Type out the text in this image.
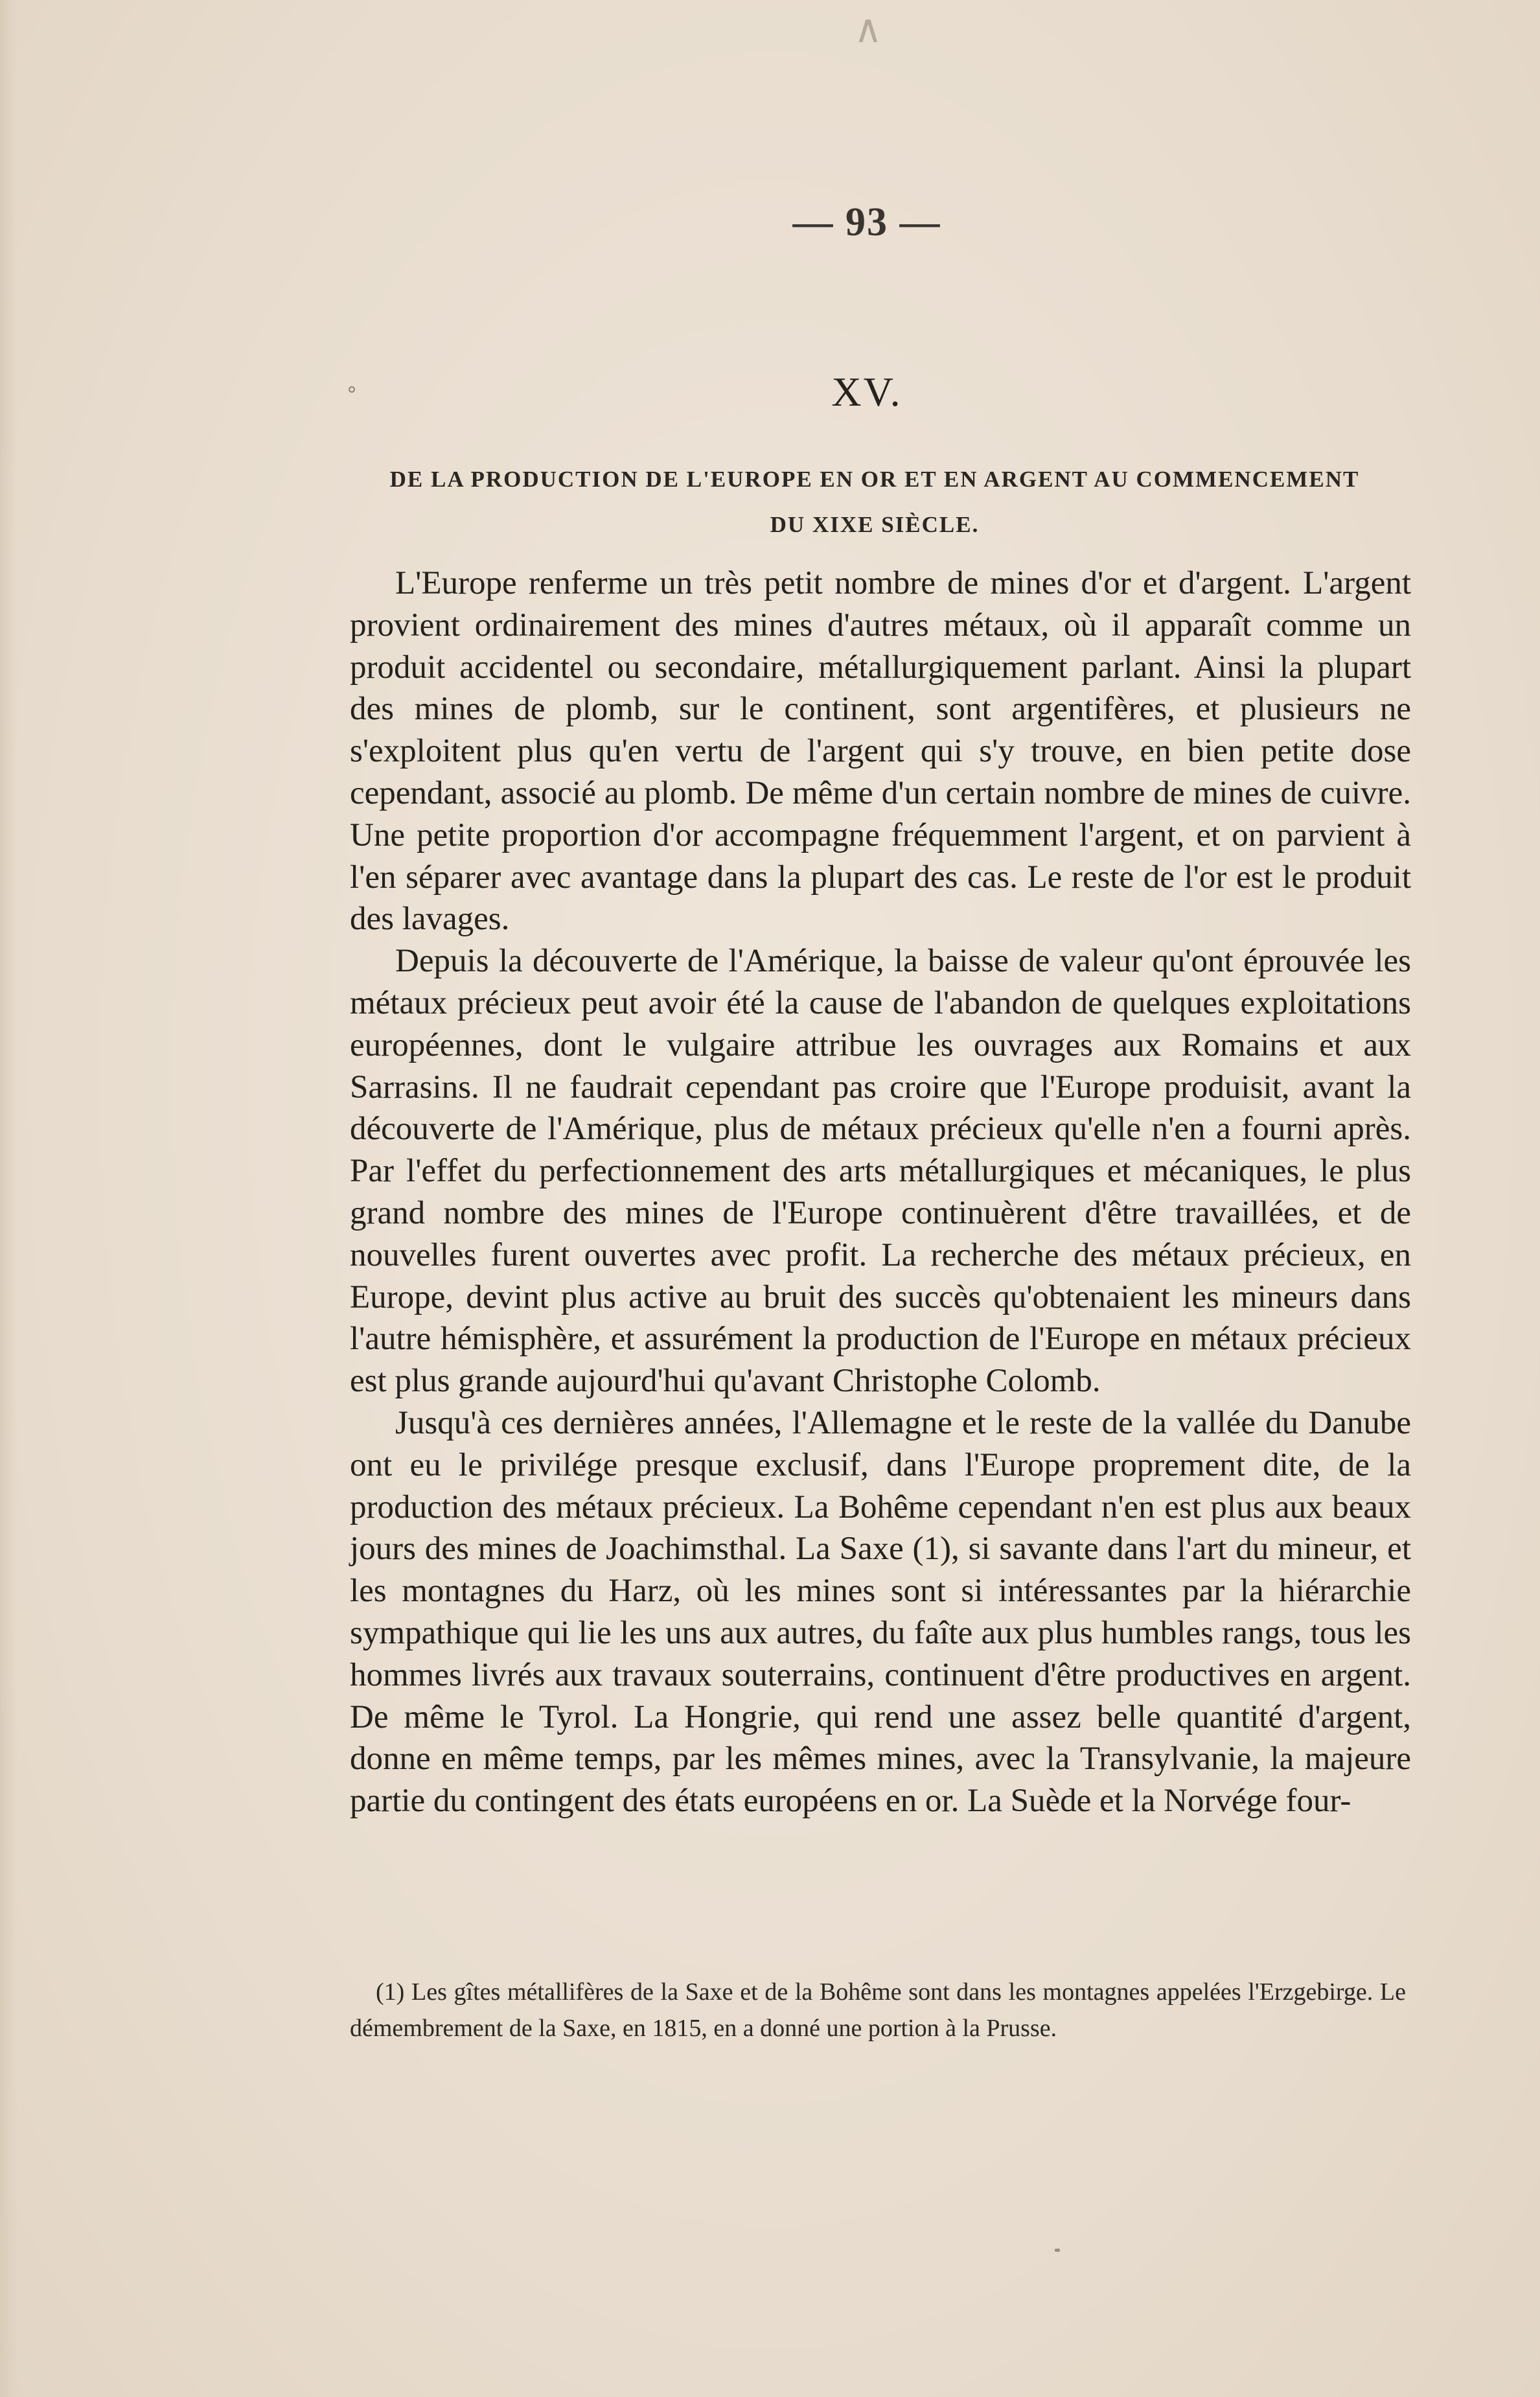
∧
— 93 —
XV.
DE LA PRODUCTION DE L'EUROPE EN OR ET EN ARGENT AU COMMENCEMENT
DU XIXE SIÈCLE.

L'Europe renferme un très petit nombre de mines d'or et d'argent. L'argent provient ordinairement des mines d'autres métaux, où il apparaît comme un produit accidentel ou secondaire, métallurgiquement parlant. Ainsi la plupart des mines de plomb, sur le continent, sont argentifères, et plusieurs ne s'exploitent plus qu'en vertu de l'argent qui s'y trouve, en bien petite dose cependant, associé au plomb. De même d'un certain nombre de mines de cuivre. Une petite proportion d'or accompagne fréquemment l'argent, et on parvient à l'en séparer avec avantage dans la plupart des cas. Le reste de l'or est le produit des lavages.

Depuis la découverte de l'Amérique, la baisse de valeur qu'ont éprouvée les métaux précieux peut avoir été la cause de l'abandon de quelques exploitations européennes, dont le vulgaire attribue les ouvrages aux Romains et aux Sarrasins. Il ne faudrait cependant pas croire que l'Europe produisit, avant la découverte de l'Amérique, plus de métaux précieux qu'elle n'en a fourni après. Par l'effet du perfectionnement des arts métallurgiques et mécaniques, le plus grand nombre des mines de l'Europe continuèrent d'être travaillées, et de nouvelles furent ouvertes avec profit. La recherche des métaux précieux, en Europe, devint plus active au bruit des succès qu'obtenaient les mineurs dans l'autre hémisphère, et assurément la production de l'Europe en métaux précieux est plus grande aujourd'hui qu'avant Christophe Colomb.

Jusqu'à ces dernières années, l'Allemagne et le reste de la vallée du Danube ont eu le privilége presque exclusif, dans l'Europe proprement dite, de la production des métaux précieux. La Bohême cependant n'en est plus aux beaux jours des mines de Joachimsthal. La Saxe (1), si savante dans l'art du mineur, et les montagnes du Harz, où les mines sont si intéressantes par la hiérarchie sympathique qui lie les uns aux autres, du faîte aux plus humbles rangs, tous les hommes livrés aux travaux souterrains, continuent d'être productives en argent. De même le Tyrol. La Hongrie, qui rend une assez belle quantité d'argent, donne en même temps, par les mêmes mines, avec la Transylvanie, la majeure partie du contingent des états européens en or. La Suède et la Norvége four-

(1) Les gîtes métallifères de la Saxe et de la Bohême sont dans les montagnes appelées l'Erzgebirge. Le démembrement de la Saxe, en 1815, en a donné une portion à la Prusse.
